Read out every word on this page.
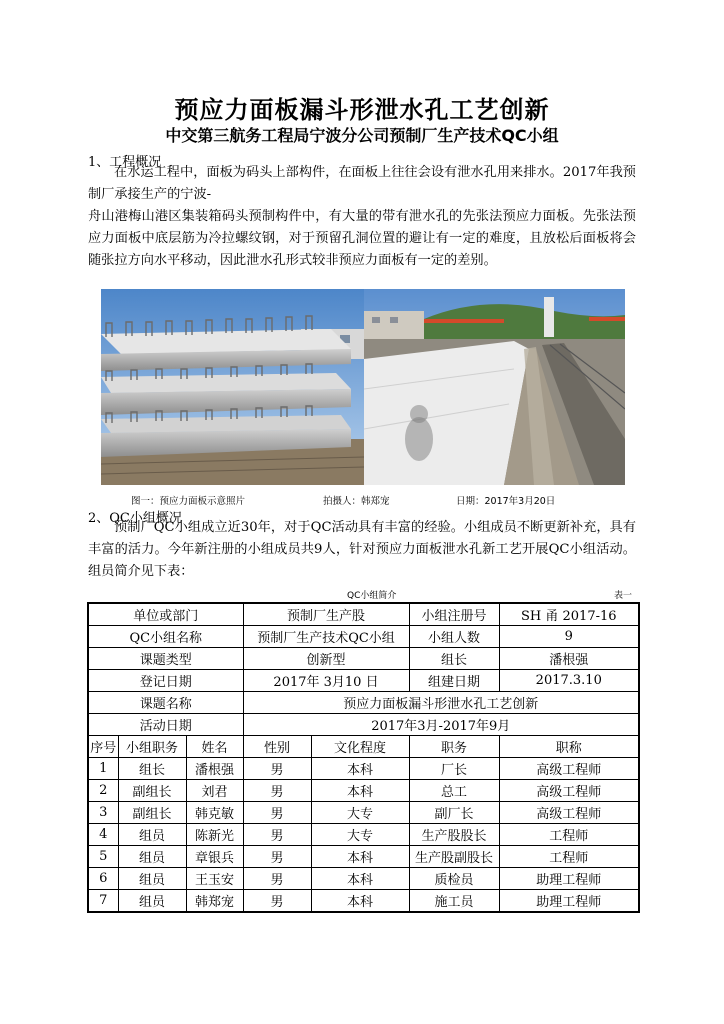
预应力面板漏斗形泄水孔工艺创新
中交第三航务工程局宁波分公司预制厂生产技术QC小组
1、工程概况

在水运工程中，面板为码头上部构件，在面板上往往会设有泄水孔用来排水。2017年我预制厂承接生产的宁波-

舟山港梅山港区集装箱码头预制构件中，有大量的带有泄水孔的先张法预应力面板。先张法预应力面板中底层筋为冷拉螺纹钢，对于预留孔洞位置的避让有一定的难度，且放松后面板将会随张拉方向水平移动，因此泄水孔形式较非预应力面板有一定的差别。

图一：预应力面板示意照片	拍摄人：韩郑宠	日期：2017年3月20日
2、QC小组概况

预制厂QC小组成立近30年，对于QC活动具有丰富的经验。小组成员不断更新补充，具有丰富的活力。今年新注册的小组成员共9人，针对预应力面板泄水孔新工艺开展QC小组活动。组员简介见下表：

QC小组简介	表一
单位或部门			预制厂生产股		小组注册号	SH 甬 2017-16
QC小组名称			预制厂生产技术QC小组		小组人数	9
课题类型			创新型		组长	潘根强
登记日期			2017年 3月10 日		组建日期	2017.3.10
课题名称			预应力面板漏斗形泄水孔工艺创新			
活动日期			2017年3月-2017年9月			
序号	小组职务	姓名	性别	文化程度	职务	职称
1	组长	潘根强	男	本科	厂长	高级工程师
2	副组长	刘君	男	本科	总工	高级工程师
3	副组长	韩克敏	男	大专	副厂长	高级工程师
4	组员	陈新光	男	大专	生产股股长	工程师
5	组员	章银兵	男	本科	生产股副股长	工程师
6	组员	王玉安	男	本科	质检员	助理工程师
7	组员	韩郑宠	男	本科	施工员	助理工程师
